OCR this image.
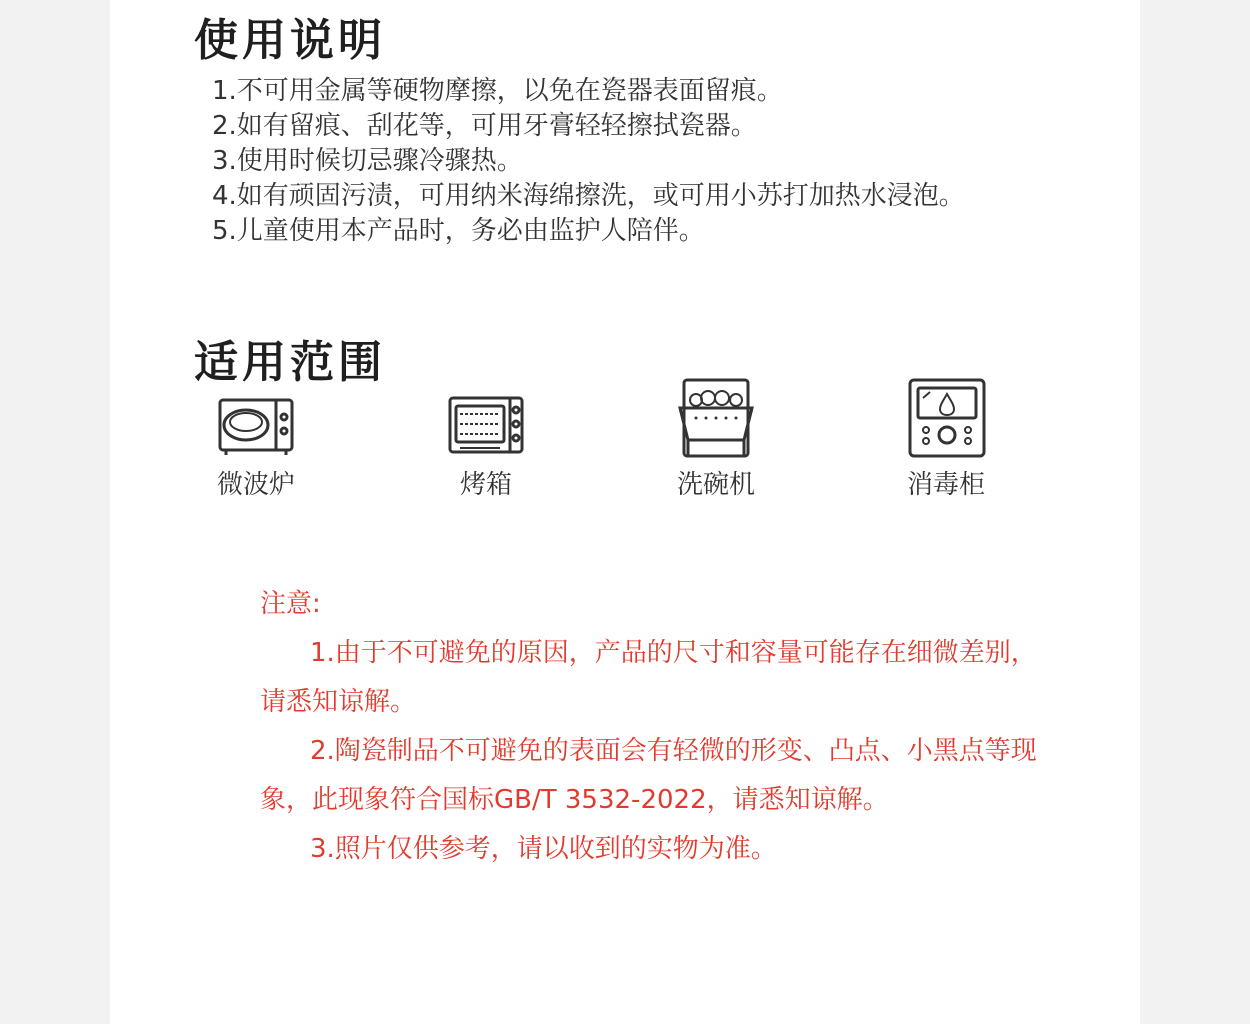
使用说明
1.不可用金属等硬物摩擦，以免在瓷器表面留痕。
2.如有留痕、刮花等，可用牙膏轻轻擦拭瓷器。
3.使用时候切忌骤冷骤热。
4.如有顽固污渍，可用纳米海绵擦洗，或可用小苏打加热水浸泡。
5.儿童使用本产品时，务必由监护人陪伴。
适用范围
微波炉	烤箱	洗碗机	消毒柜

注意:

1.由于不可避免的原因，产品的尺寸和容量可能存在细微差别，请悉知谅解。

2.陶瓷制品不可避免的表面会有轻微的形变、凸点、小黑点等现象，此现象符合国标GB/T 3532-2022，请悉知谅解。

3.照片仅供参考，请以收到的实物为准。
